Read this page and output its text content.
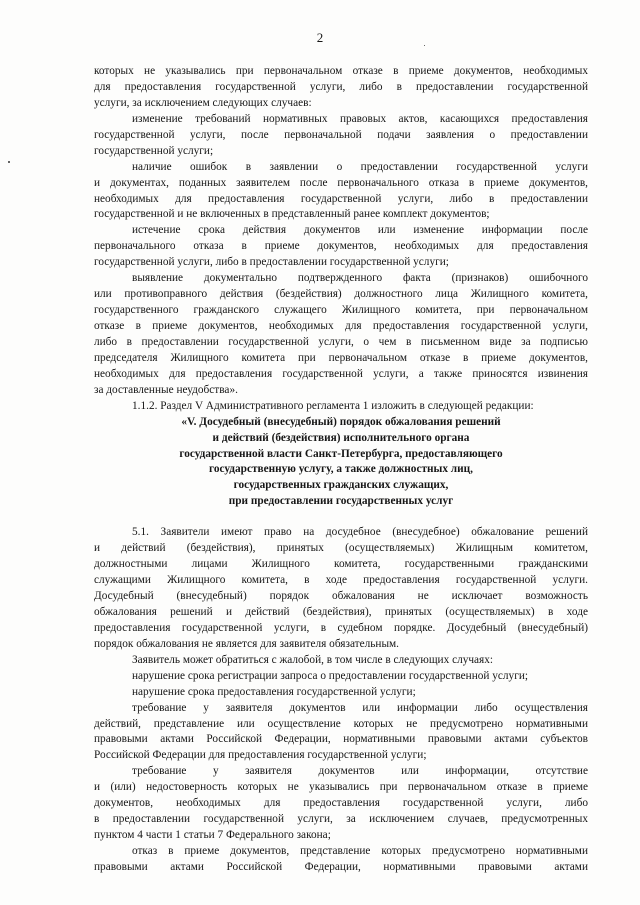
2
которых не указывались при первоначальном отказе в приеме документов, необходимых
для предоставления государственной услуги, либо в предоставлении государственной
услуги, за исключением следующих случаев:
изменение требований нормативных правовых актов, касающихся предоставления
государственной услуги, после первоначальной подачи заявления о предоставлении
государственной услуги;
наличие ошибок в заявлении о предоставлении государственной услуги
и документах, поданных заявителем после первоначального отказа в приеме документов,
необходимых для предоставления государственной услуги, либо в предоставлении
государственной и не включенных в представленный ранее комплект документов;
истечение срока действия документов или изменение информации после
первоначального отказа в приеме документов, необходимых для предоставления
государственной услуги, либо в предоставлении государственной услуги;
выявление документально подтвержденного факта (признаков) ошибочного
или противоправного действия (бездействия) должностного лица Жилищного комитета,
государственного гражданского служащего Жилищного комитета, при первоначальном
отказе в приеме документов, необходимых для предоставления государственной услуги,
либо в предоставлении государственной услуги, о чем в письменном виде за подписью
председателя Жилищного комитета при первоначальном отказе в приеме документов,
необходимых для предоставления государственной услуги, а также приносятся извинения
за доставленные неудобства».
1.1.2. Раздел V Административного регламента 1 изложить в следующей редакции:
«V. Досудебный (внесудебный) порядок обжалования решений
и действий (бездействия) исполнительного органа
государственной власти Санкт-Петербурга, предоставляющего
государственную услугу, а также должностных лиц,
государственных гражданских служащих,
при предоставлении государственных услуг
5.1. Заявители имеют право на досудебное (внесудебное) обжалование решений
и действий (бездействия), принятых (осуществляемых) Жилищным комитетом,
должностными лицами Жилищного комитета, государственными гражданскими
служащими Жилищного комитета, в ходе предоставления государственной услуги.
Досудебный (внесудебный) порядок обжалования не исключает возможность
обжалования решений и действий (бездействия), принятых (осуществляемых) в ходе
предоставления государственной услуги, в судебном порядке. Досудебный (внесудебный)
порядок обжалования не является для заявителя обязательным.
Заявитель может обратиться с жалобой, в том числе в следующих случаях:
нарушение срока регистрации запроса о предоставлении государственной услуги;
нарушение срока предоставления государственной услуги;
требование у заявителя документов или информации либо осуществления
действий, представление или осуществление которых не предусмотрено нормативными
правовыми актами Российской Федерации, нормативными правовыми актами субъектов
Российской Федерации для предоставления государственной услуги;
требование у заявителя документов или информации, отсутствие
и (или) недостоверность которых не указывались при первоначальном отказе в приеме
документов, необходимых для предоставления государственной услуги, либо
в предоставлении государственной услуги, за исключением случаев, предусмотренных
пунктом 4 части 1 статьи 7 Федерального закона;
отказ в приеме документов, представление которых предусмотрено нормативными
правовыми актами Российской Федерации, нормативными правовыми актами
